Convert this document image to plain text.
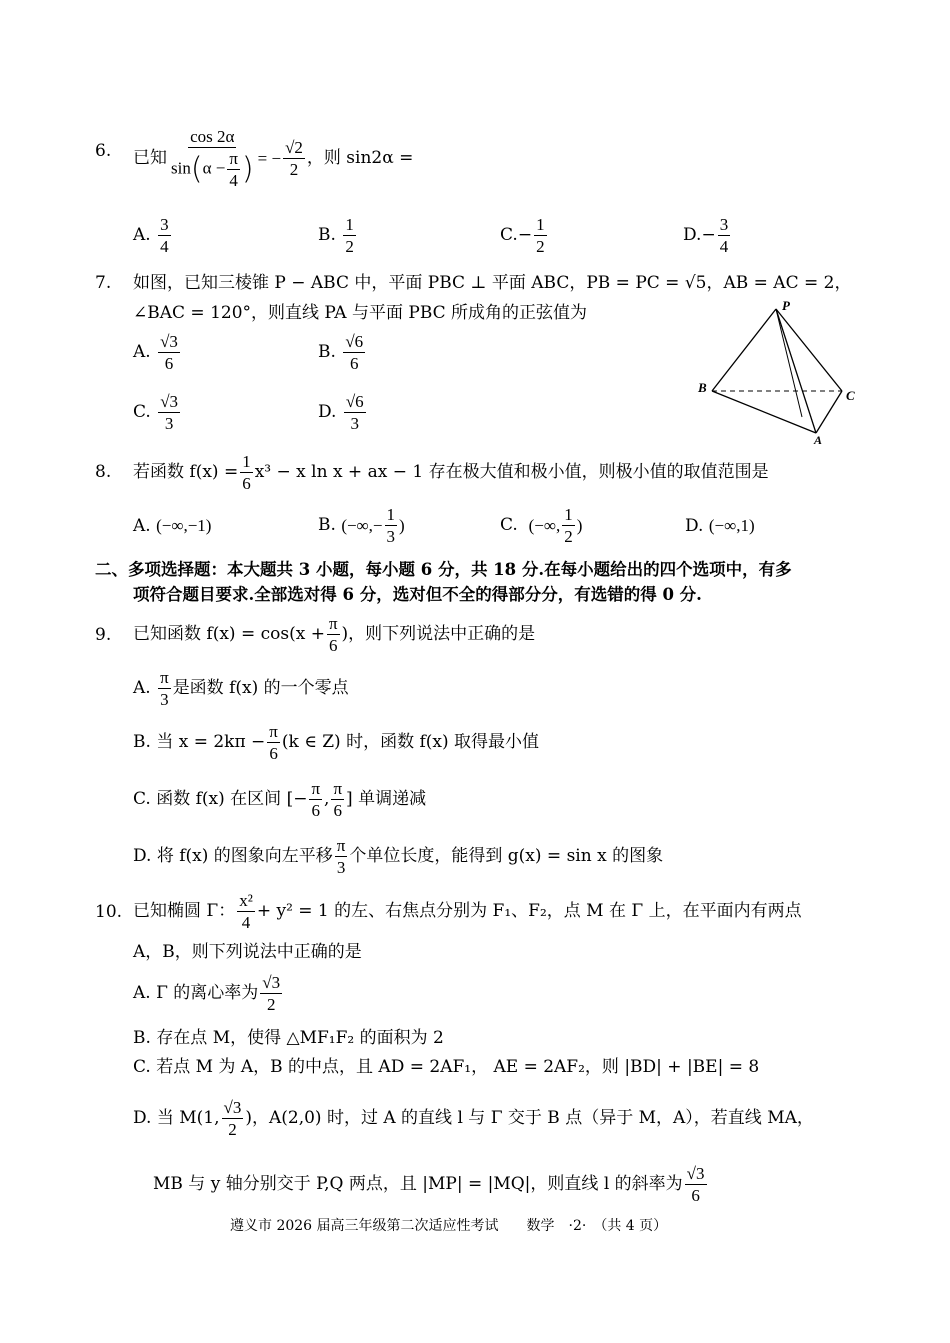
6. 已知 $\frac{\cos 2\alpha}{\sin(\alpha - \frac{\pi}{4} )}$ = − $\frac{√2}{2}$ ，则 sin2α =
A. $\frac{3}{4}$	B. $\frac{1}{2}$	$C.- \frac{1}{2}$	$D.- \frac{3}{4}$
7. 如图，已知三棱锥 P − ABC 中，平面 PBC ⊥ 平面 ABC，PB = PC = √5，AB = AC = 2，
∠BAC = 120°，则直线 PA 与平面 PBC 所成角的正弦值为
A. $\frac{√3}{6}$	B. $\frac{√6}{6}$
C. $\frac{√3}{3}$	D. $\frac{√6}{3}$
P
B
C
A
8. 若函数 $f(x) = \frac{1}{6} x^3 - x$ ln x + ax − 1 存在极大值和极小值，则极小值的取值范围是
A. (−∞,−1)	B.
(−∞,− $\frac{1}{3}$ )	C.
(−∞,
1
2
)	D. (−∞,1)
二、多项选择题：本大题共 3 小题，每小题 6 分，共 18 分.在每小题给出的四个选项中，有多
项符合题目要求.全部选对得 6 分，选对但不全的得部分分，有选错的得 0 分.
9. 已知函数 $f(x) = \cos(x + \frac{\pi}{6}$ )，则下列说法中正确的是
A.

π
3
是函数 f(x) 的一个零点
B.
当 $x = 2k\pi - \frac{\pi}{6} (k$ ∈ Z) 时，函数 f(x) 取得最小值
C.
函数 f(x) 在区间 [− $\frac{\pi}{6}$ ,
π
6
] 单调递减
D.
将 f(x) 的图象向左平移
π
3
个单位长度，能得到 g(x) = sin x 的图象
10. 已知椭圆 Γ：
x²
4
+ y² = 1 的左、右焦点分别为 F₁、F₂，点 M 在 Γ 上，在平面内有两点
A，B，则下列说法中正确的是
A.
Γ 的离心率为
√3
2
B. 存在点 M，使得 △MF₁F₂ 的面积为 2
C. 若点 M 为 A，B 的中点，且 AD = 2AF₁， AE = 2AF₂，则 |BD| + |BE| = 8
D.
当 M(1,
√3
2
)，A(2,0) 时，过 A 的直线 l 与 Γ 交于 B 点（异于 M，A），若直线 MA，
MB 与 y 轴分别交于 P,Q 两点，且 |MP| = |MQ|，则直线 l 的斜率为
√3
6
遵义市 2026 届高三年级第二次适应性考试　　数学　·2·　（共 4 页）
